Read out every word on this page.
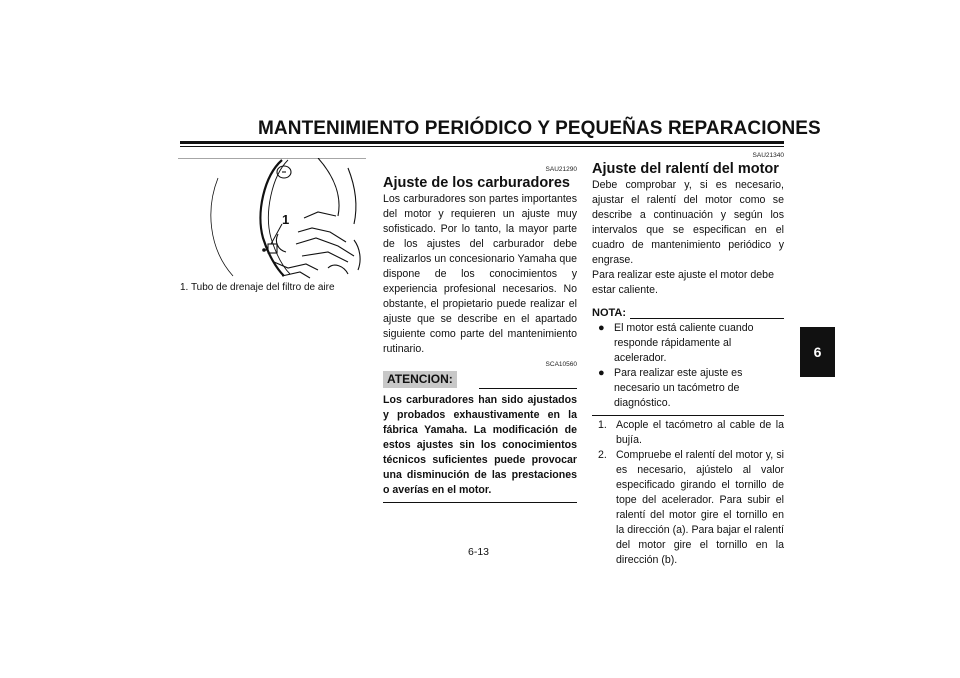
MANTENIMIENTO PERIÓDICO Y PEQUEÑAS REPARACIONES
1
1. Tubo de drenaje del filtro de aire
SAU21290
Ajuste de los carburadores

Los carburadores son partes importantes del motor y requieren un ajuste muy sofisticado. Por lo tanto, la mayor parte de los ajustes del carburador debe realizarlos un concesionario Yamaha que dispone de los conocimientos y experiencia profesional necesarios. No obstante, el propietario puede realizar el ajuste que se describe en el apartado siguiente como parte del mantenimiento rutinario.

SCA10560
ATENCION:

Los carburadores han sido ajustados y probados exhaustivamente en la fábrica Yamaha. La modificación de estos ajustes sin los conocimientos técnicos suficientes puede provocar una disminución de las prestaciones o averías en el motor.

SAU21340
Ajuste del ralentí del motor

Debe comprobar y, si es necesario, ajustar el ralentí del motor como se describe a continuación y según los intervalos que se especifican en el cuadro de mantenimiento periódico y engrase.

Para realizar este ajuste el motor debe estar caliente.

NOTA:
● El motor está caliente cuando responde rápidamente al acelerador.
● Para realizar este ajuste es necesario un tacómetro de diagnóstico.
1. Acople el tacómetro al cable de la bujía.
2. Compruebe el ralentí del motor y, si es necesario, ajústelo al valor especificado girando el tornillo de tope del acelerador. Para subir el ralentí del motor gire el tornillo en la dirección (a). Para bajar el ralentí del motor gire el tornillo en la dirección (b).
6-13
6
